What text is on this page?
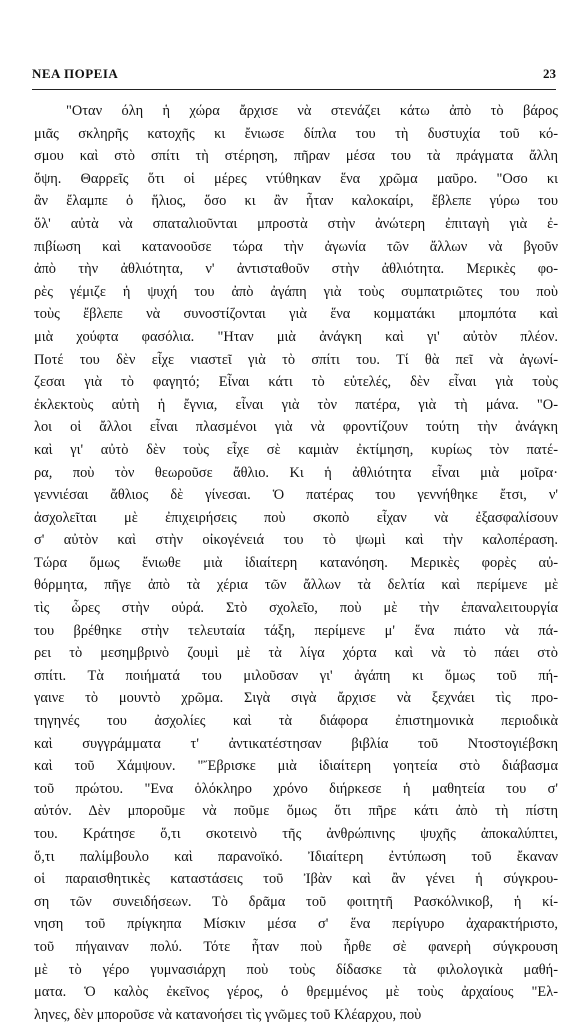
ΝΕΑ ΠΟΡΕΙΑ	23
"Οταν όλη ἡ χώρα ἄρχισε νὰ στενάζει κάτω ἀπὸ τὸ βάρος
μιᾶς σκληρῆς κατοχῆς κι ἔνιωσε δίπλα του τὴ δυστυχία τοῦ κό-
σμου καὶ στὸ σπίτι τὴ στέρηση, πῆραν μέσα του τὰ πράγματα ἄλλη
ὄψη. Θαρρεῖς ὅτι οἱ μέρες ντύθηκαν ἕνα χρῶμα μαῦρο. "Οσο κι
ἂν ἔλαμπε ὁ ἥλιος, ὅσο κι ἂν ἦταν καλοκαίρι, ἔβλεπε γύρω του
ὅλ' αὐτὰ νὰ σπαταλιοῦνται μπροστὰ στὴν ἀνώτερη ἐπιταγὴ γιὰ ἐ-
πιβίωση καὶ κατανοοῦσε τώρα τὴν ἀγωνία τῶν ἄλλων νὰ βγοῦν
ἀπὸ τὴν ἀθλιότητα, ν' ἀντισταθοῦν στὴν ἀθλιότητα. Μερικὲς φο-
ρὲς γέμιζε ἡ ψυχή του ἀπὸ ἀγάπη γιὰ τοὺς συμπατριῶτες του ποὺ
τοὺς ἔβλεπε νὰ συνοστίζονται γιὰ ἕνα κομματάκι μπομπότα καὶ
μιὰ χούφτα φασόλια. "Ηταν μιὰ ἀνάγκη καὶ γι' αὐτὸν πλέον.
Ποτέ του δὲν εἶχε νιαστεῖ γιὰ τὸ σπίτι του. Τί θὰ πεῖ νὰ ἀγωνί-
ζεσαι γιὰ τὸ φαγητό; Εἶναι κάτι τὸ εὐτελές, δὲν εἶναι γιὰ τοὺς
ἐκλεκτοὺς αὐτὴ ἡ ἔγνια, εἶναι γιὰ τὸν πατέρα, γιὰ τὴ μάνα. "Ο-
λοι οἱ ἄλλοι εἶναι πλασμένοι γιὰ νὰ φροντίζουν τούτη τὴν ἀνάγκη
καὶ γι' αὐτὸ δὲν τοὺς εἶχε σὲ καμιὰν ἐκτίμηση, κυρίως τὸν πατέ-
ρα, ποὺ τὸν θεωροῦσε ἄθλιο. Κι ἡ ἀθλιότητα εἶναι μιὰ μοῖρα·
γεννιέσαι ἄθλιος δὲ γίνεσαι. Ὁ πατέρας του γεννήθηκε ἔτσι, ν'
ἀσχολεῖται μὲ ἐπιχειρήσεις ποὺ σκοπὸ εἶχαν νὰ ἐξασφαλίσουν
σ' αὐτὸν καὶ στὴν οἰκογένειά του τὸ ψωμὶ καὶ τὴν καλοπέραση.
Τώρα ὅμως ἔνιωθε μιὰ ἰδιαίτερη κατανόηση. Μερικὲς φορὲς αὐ-
θόρμητα, πῆγε ἀπὸ τὰ χέρια τῶν ἄλλων τὰ δελτία καὶ περίμενε μὲ
τὶς ὧρες στὴν οὐρά. Στὸ σχολεῖο, ποὺ μὲ τὴν ἐπαναλειτουργία
του βρέθηκε στὴν τελευταία τάξη, περίμενε μ' ἕνα πιάτο νὰ πά-
ρει τὸ μεσημβρινὸ ζουμὶ μὲ τὰ λίγα χόρτα καὶ νὰ τὸ πάει στὸ
σπίτι. Τὰ ποιήματά του μιλοῦσαν γι' ἀγάπη κι ὅμως τοῦ πή-
γαινε τὸ μουντὸ χρῶμα. Σιγὰ σιγὰ ἄρχισε νὰ ξεχνάει τὶς προ-
τηγηνές του ἀσχολίες καὶ τὰ διάφορα ἐπιστημονικὰ περιοδικὰ
καὶ συγγράμματα τ' ἀντικατέστησαν βιβλία τοῦ Ντοστογιέβσκη
καὶ τοῦ Χάμψουν. "Ἔβρισκε μιὰ ἰδιαίτερη γοητεία στὸ διάβασμα
τοῦ πρώτου. "Ενα ὁλόκληρο χρόνο διήρκεσε ἡ μαθητεία του σ'
αὐτόν. Δὲν μποροῦμε νὰ ποῦμε ὅμως ὅτι πῆρε κάτι ἀπὸ τὴ πίστη
του. Κράτησε ὅ,τι σκοτεινὸ τῆς ἀνθρώπινης ψυχῆς ἀποκαλύπτει,
ὅ,τι παλίμβουλο καὶ παρανοϊκό. Ἰδιαίτερη ἐντύπωση τοῦ ἔκαναν
οἱ παραισθητικὲς καταστάσεις τοῦ Ἰβὰν καὶ ἂν γένει ἡ σύγκρου-
ση τῶν συνειδήσεων. Τὸ δρᾶμα τοῦ φοιτητῆ Ρασκόλνικοβ, ἡ κί-
νηση τοῦ πρίγκηπα Μίσκιν μέσα σ' ἕνα περίγυρο ἀχαρακτήριστο,
τοῦ πήγαιναν πολύ. Τότε ἦταν ποὺ ἦρθε σὲ φανερὴ σύγκρουση
μὲ τὸ γέρο γυμνασιάρχη ποὺ τοὺς δίδασκε τὰ φιλολογικὰ μαθή-
ματα. Ὁ καλὸς ἐκεῖνος γέρος, ὁ θρεμμένος μὲ τοὺς ἀρχαίους "Ελ-
ληνες, δὲν μποροῦσε νὰ κατανοήσει τὶς γνῶμες τοῦ Κλέαρχου, ποὺ
